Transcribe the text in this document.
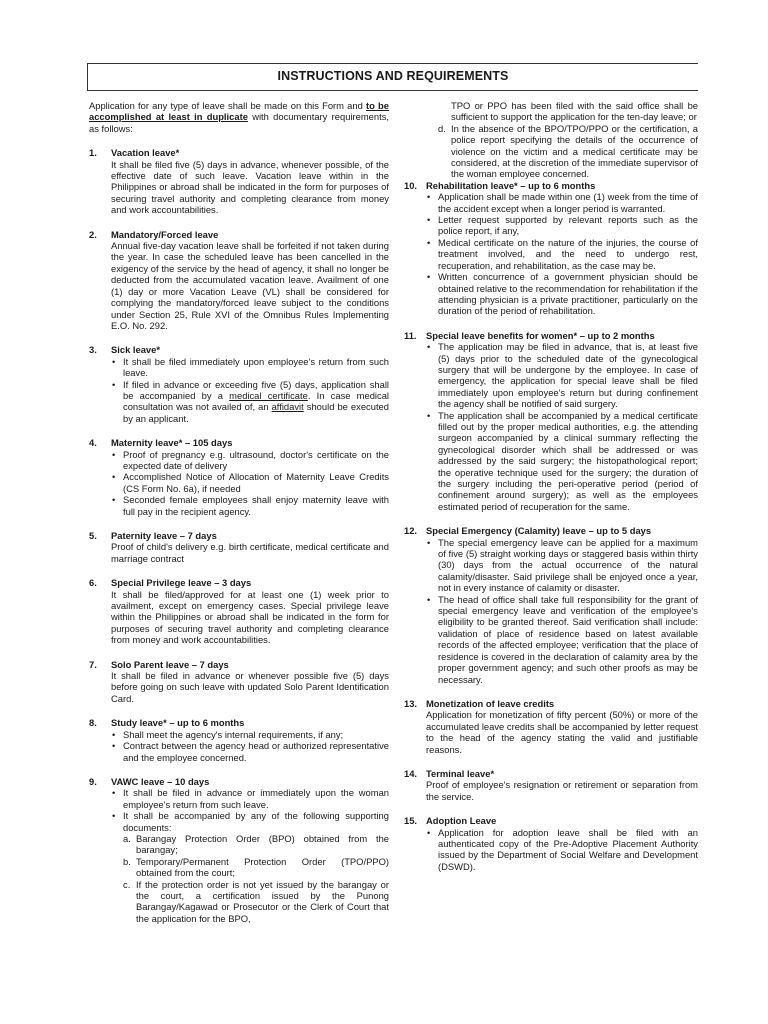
INSTRUCTIONS AND REQUIREMENTS

Application for any type of leave shall be made on this Form and to be accomplished at least in duplicate with documentary requirements, as follows:

1.	Vacation leave*

It shall be filed five (5) days in advance, whenever possible, of the effective date of such leave. Vacation leave within in the Philippines or abroad shall be indicated in the form for purposes of securing travel authority and completing clearance from money and work accountabilities.

2.	Mandatory/Forced leave

Annual five-day vacation leave shall be forfeited if not taken during the year. In case the scheduled leave has been cancelled in the exigency of the service by the head of agency, it shall no longer be deducted from the accumulated vacation leave. Availment of one (1) day or more Vacation Leave (VL) shall be considered for complying the mandatory/forced leave subject to the conditions under Section 25, Rule XVI of the Omnibus Rules Implementing E.O. No. 292.

3.	Sick leave*
• It shall be filed immediately upon employee's return from such leave.
• If filed in advance or exceeding five (5) days, application shall be accompanied by a medical certificate. In case medical consultation was not availed of, an affidavit should be executed by an applicant.
4.	Maternity leave* – 105 days
• Proof of pregnancy e.g. ultrasound, doctor's certificate on the expected date of delivery
• Accomplished Notice of Allocation of Maternity Leave Credits (CS Form No. 6a), if needed
• Seconded female employees shall enjoy maternity leave with full pay in the recipient agency.
5.	Paternity leave – 7 days

Proof of child's delivery e.g. birth certificate, medical certificate and marriage contract

6.	Special Privilege leave – 3 days

It shall be filed/approved for at least one (1) week prior to availment, except on emergency cases. Special privilege leave within the Philippines or abroad shall be indicated in the form for purposes of securing travel authority and completing clearance from money and work accountabilities.

7.	Solo Parent leave – 7 days

It shall be filed in advance or whenever possible five (5) days before going on such leave with updated Solo Parent Identification Card.

8.	Study leave* – up to 6 months
• Shall meet the agency's internal requirements, if any;
• Contract between the agency head or authorized representative and the employee concerned.
9.	VAWC leave – 10 days
• It shall be filed in advance or immediately upon the woman employee's return from such leave.
• It shall be accompanied by any of the following supporting documents:
a. Barangay Protection Order (BPO) obtained from the barangay;
b. Temporary/Permanent Protection Order (TPO/PPO) obtained from the court;
c. If the protection order is not yet issued by the barangay or the court, a certification issued by the Punong Barangay/Kagawad or Prosecutor or the Clerk of Court that the application for the BPO,

TPO or PPO has been filed with the said office shall be sufficient to support the application for the ten-day leave; or

d. In the absence of the BPO/TPO/PPO or the certification, a police report specifying the details of the occurrence of violence on the victim and a medical certificate may be considered, at the discretion of the immediate supervisor of the woman employee concerned.
10. Rehabilitation leave* – up to 6 months
• Application shall be made within one (1) week from the time of the accident except when a longer period is warranted.
• Letter request supported by relevant reports such as the police report, if any,
• Medical certificate on the nature of the injuries, the course of treatment involved, and the need to undergo rest, recuperation, and rehabilitation, as the case may be.
• Written concurrence of a government physician should be obtained relative to the recommendation for rehabilitation if the attending physician is a private practitioner, particularly on the duration of the period of rehabilitation.
11.	Special leave benefits for women* – up to 2 months
• The application may be filed in advance, that is, at least five (5) days prior to the scheduled date of the gynecological surgery that will be undergone by the employee. In case of emergency, the application for special leave shall be filed immediately upon employee's return but during confinement the agency shall be notified of said surgery.
• The application shall be accompanied by a medical certificate filled out by the proper medical authorities, e.g. the attending surgeon accompanied by a clinical summary reflecting the gynecological disorder which shall be addressed or was addressed by the said surgery; the histopathological report; the operative technique used for the surgery; the duration of the surgery including the peri-operative period (period of confinement around surgery); as well as the employees estimated period of recuperation for the same.
12. Special Emergency (Calamity) leave – up to 5 days
• The special emergency leave can be applied for a maximum of five (5) straight working days or staggered basis within thirty (30) days from the actual occurrence of the natural calamity/disaster. Said privilege shall be enjoyed once a year, not in every instance of calamity or disaster.
• The head of office shall take full responsibility for the grant of special emergency leave and verification of the employee's eligibility to be granted thereof. Said verification shall include: validation of place of residence based on latest available records of the affected employee; verification that the place of residence is covered in the declaration of calamity area by the proper government agency; and such other proofs as may be necessary.
13. Monetization of leave credits

Application for monetization of fifty percent (50%) or more of the accumulated leave credits shall be accompanied by letter request to the head of the agency stating the valid and justifiable reasons.

14. Terminal leave*

Proof of employee's resignation or retirement or separation from the service.

15. Adoption Leave
• Application for adoption leave shall be filed with an authenticated copy of the Pre-Adoptive Placement Authority issued by the Department of Social Welfare and Development (DSWD).
